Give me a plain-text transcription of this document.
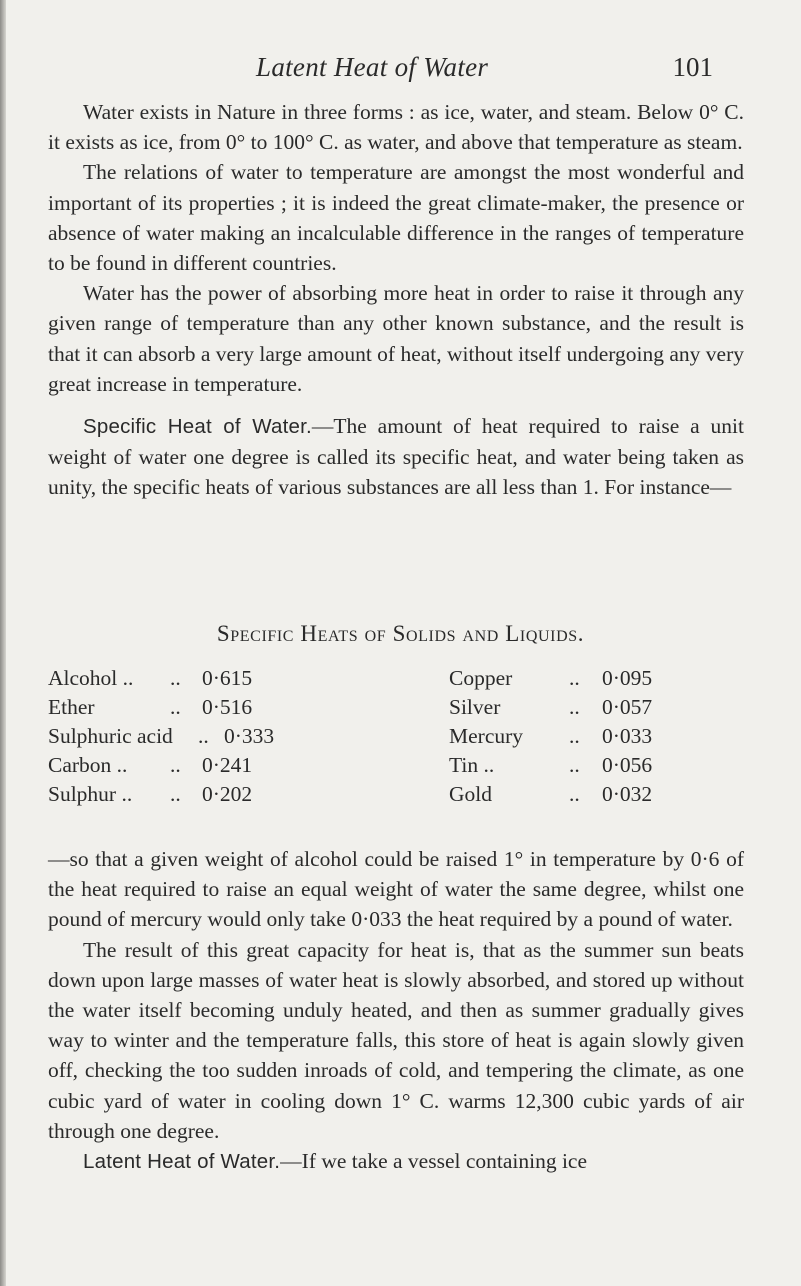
Latent Heat of Water	101

Water exists in Nature in three forms : as ice, water, and steam. Below 0° C. it exists as ice, from 0° to 100° C. as water, and above that temperature as steam.

The relations of water to temperature are amongst the most wonderful and important of its properties ; it is indeed the great climate-maker, the presence or absence of water making an incalculable difference in the ranges of temperature to be found in different countries.

Water has the power of absorbing more heat in order to raise it through any given range of temperature than any other known substance, and the result is that it can absorb a very large amount of heat, without itself undergoing any very great increase in temperature.

Specific Heat of Water.—The amount of heat required to raise a unit weight of water one degree is called its specific heat, and water being taken as unity, the specific heats of various substances are all less than 1. For instance—

Specific Heats of Solids and Liquids.
Alcohol .. .. 0·615	Copper	.. 0·095
Ether	.. 0·516	Silver	.. 0·057
Sulphuric acid .. 0·333	Mercury .. 0·033
Carbon .. .. 0·241	Tin ..	.. 0·056
Sulphur .. .. 0·202	Gold	.. 0·032

—so that a given weight of alcohol could be raised 1° in temperature by 0·6 of the heat required to raise an equal weight of water the same degree, whilst one pound of mercury would only take 0·033 the heat required by a pound of water.

The result of this great capacity for heat is, that as the summer sun beats down upon large masses of water heat is slowly absorbed, and stored up without the water itself becoming unduly heated, and then as summer gradually gives way to winter and the temperature falls, this store of heat is again slowly given off, checking the too sudden inroads of cold, and tempering the climate, as one cubic yard of water in cooling down 1° C. warms 12,300 cubic yards of air through one degree.

Latent Heat of Water.—If we take a vessel containing ice
